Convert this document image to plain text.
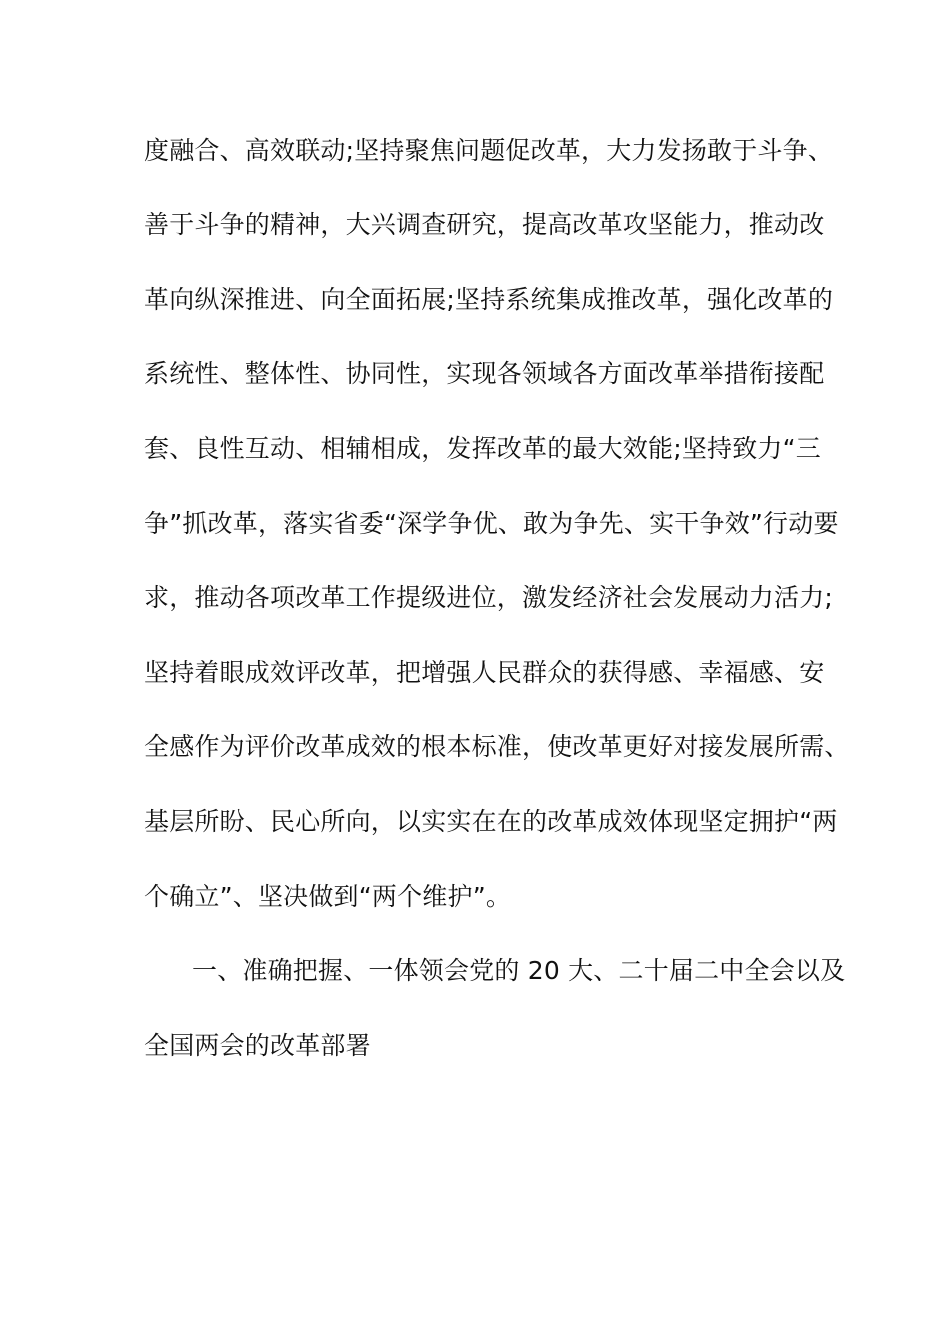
度融合、高效联动;坚持聚焦问题促改革，大力发扬敢于斗争、
善于斗争的精神，大兴调查研究，提高改革攻坚能力，推动改
革向纵深推进、向全面拓展;坚持系统集成推改革，强化改革的
系统性、整体性、协同性，实现各领域各方面改革举措衔接配
套、良性互动、相辅相成，发挥改革的最大效能;坚持致力“三
争”抓改革，落实省委“深学争优、敢为争先、实干争效”行动要
求，推动各项改革工作提级进位，激发经济社会发展动力活力;
坚持着眼成效评改革，把增强人民群众的获得感、幸福感、安
全感作为评价改革成效的根本标准，使改革更好对接发展所需、
基层所盼、民心所向，以实实在在的改革成效体现坚定拥护“两
个确立”、坚决做到“两个维护”。
一、准确把握、一体领会党的 20 大、二十届二中全会以及
全国两会的改革部署
